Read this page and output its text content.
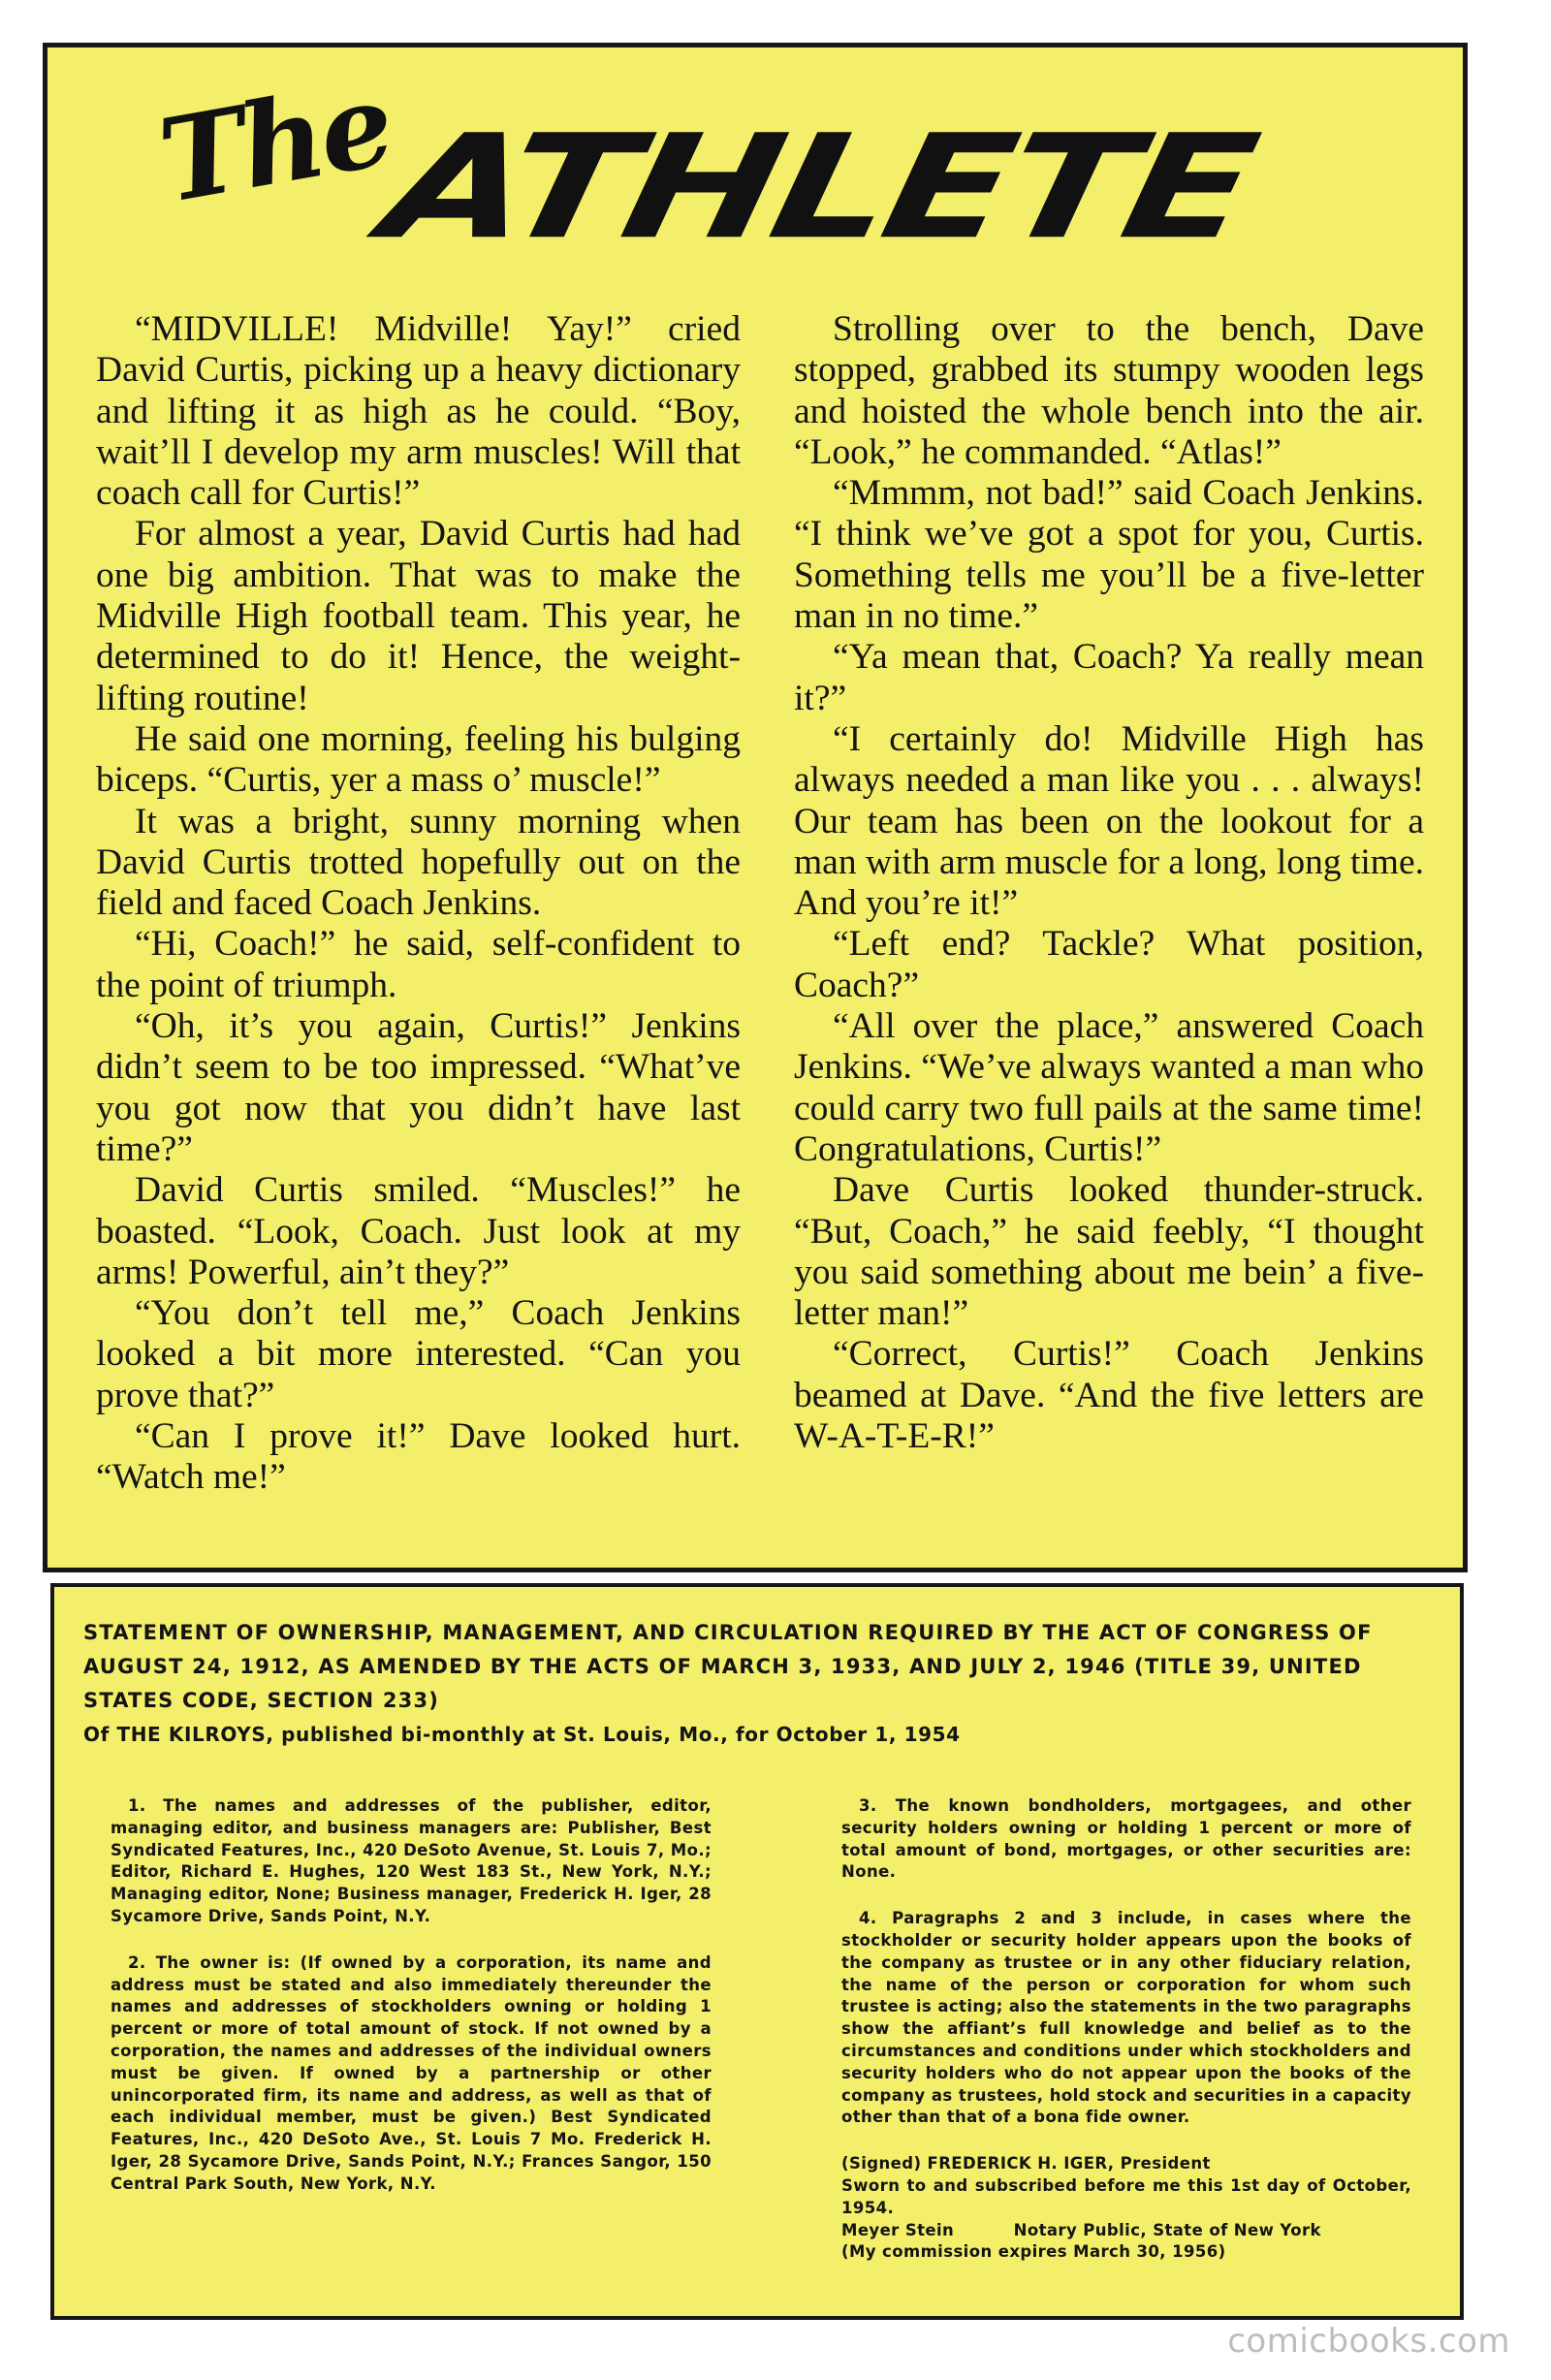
The
ATHLETE

“MIDVILLE! Midville! Yay!” cried David Curtis, picking up a heavy dictionary and lifting it as high as he could. “Boy, wait’ll I develop my arm muscles! Will that coach call for Curtis!”

For almost a year, David Curtis had had one big ambition. That was to make the Midville High football team. This year, he determined to do it! Hence, the weight-lifting routine!

He said one morning, feeling his bulging biceps. “Curtis, yer a mass o’ muscle!”

It was a bright, sunny morning when David Curtis trotted hopefully out on the field and faced Coach Jenkins.

“Hi, Coach!” he said, self-confident to the point of triumph.

“Oh, it’s you again, Curtis!” Jenkins didn’t seem to be too impressed. “What’ve you got now that you didn’t have last time?”

David Curtis smiled. “Muscles!” he boasted. “Look, Coach. Just look at my arms! Powerful, ain’t they?”

“You don’t tell me,” Coach Jenkins looked a bit more interested. “Can you prove that?”

“Can I prove it!” Dave looked hurt. “Watch me!”

Strolling over to the bench, Dave stopped, grabbed its stumpy wooden legs and hoisted the whole bench into the air. “Look,” he commanded. “Atlas!”

“Mmmm, not bad!” said Coach Jenkins. “I think we’ve got a spot for you, Curtis. Something tells me you’ll be a five-letter man in no time.”

“Ya mean that, Coach? Ya really mean it?”

“I certainly do! Midville High has always needed a man like you . . . always! Our team has been on the lookout for a man with arm muscle for a long, long time. And you’re it!”

“Left end? Tackle? What position, Coach?”

“All over the place,” answered Coach Jenkins. “We’ve always wanted a man who could carry two full pails at the same time! Congratulations, Curtis!”

Dave Curtis looked thunder-struck. “But, Coach,” he said feebly, “I thought you said something about me bein’ a five-letter man!”

“Correct, Curtis!” Coach Jenkins beamed at Dave. “And the five letters are W-A-T-E-R!”

STATEMENT OF OWNERSHIP, MANAGEMENT, AND CIRCULATION REQUIRED BY THE ACT OF CONGRESS OF AUGUST 24, 1912, AS AMENDED BY THE ACTS OF MARCH 3, 1933, AND JULY 2, 1946 (TITLE 39, UNITED STATES CODE, SECTION 233)
Of THE KILROYS, published bi-monthly at St. Louis, Mo., for October 1, 1954

1. The names and addresses of the publisher, editor, managing editor, and business managers are: Publisher, Best Syndicated Features, Inc., 420 DeSoto Avenue, St. Louis 7, Mo.; Editor, Richard E. Hughes, 120 West 183 St., New York, N.Y.; Managing editor, None; Business manager, Frederick H. Iger, 28 Sycamore Drive, Sands Point, N.Y.

2. The owner is: (If owned by a corporation, its name and address must be stated and also immediately thereunder the names and addresses of stockholders owning or holding 1 percent or more of total amount of stock. If not owned by a corporation, the names and addresses of the individual owners must be given. If owned by a partnership or other unincorporated firm, its name and address, as well as that of each individual member, must be given.) Best Syndicated Features, Inc., 420 DeSoto Ave., St. Louis 7 Mo. Frederick H. Iger, 28 Sycamore Drive, Sands Point, N.Y.; Frances Sangor, 150 Central Park South, New York, N.Y.

3. The known bondholders, mortgagees, and other security holders owning or holding 1 percent or more of total amount of bond, mortgages, or other securities are: None.

4. Paragraphs 2 and 3 include, in cases where the stockholder or security holder appears upon the books of the company as trustee or in any other fiduciary relation, the name of the person or corporation for whom such trustee is acting; also the statements in the two paragraphs show the affiant’s full knowledge and belief as to the circumstances and conditions under which stockholders and security holders who do not appear upon the books of the company as trustees, hold stock and securities in a capacity other than that of a bona fide owner.

(Signed) FREDERICK H. IGER, President

Sworn to and subscribed before me this 1st day of October, 1954.

Meyer Stein          Notary Public, State of New York

(My commission expires March 30, 1956)

comicbooks.com
